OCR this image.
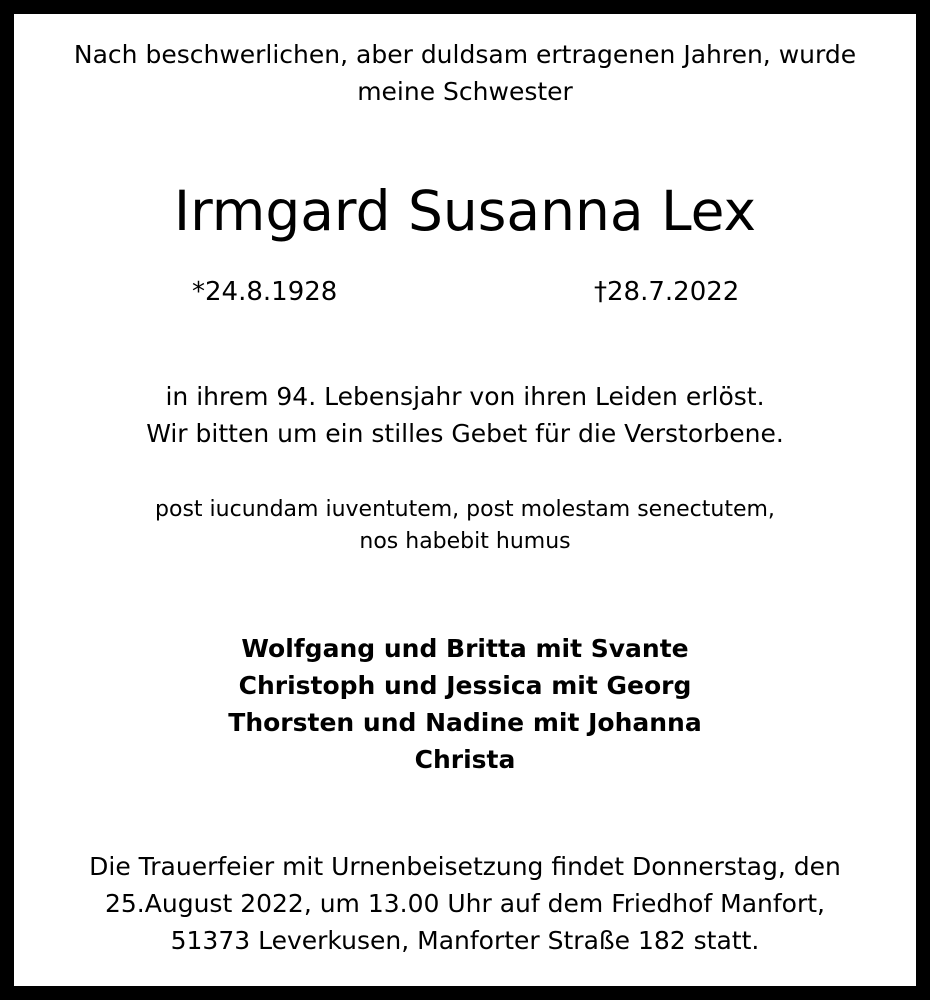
Nach beschwerlichen, aber duldsam ertragenen Jahren, wurde
meine Schwester
Irmgard Susanna Lex
*24.8.1928	†28.7.2022
in ihrem 94. Lebensjahr von ihren Leiden erlöst.
Wir bitten um ein stilles Gebet für die Verstorbene.
post iucundam iuventutem, post molestam senectutem,
nos habebit humus
Wolfgang und Britta mit Svante
Christoph und Jessica mit Georg
Thorsten und Nadine mit Johanna
Christa
Die Trauerfeier mit Urnenbeisetzung findet Donnerstag, den
25.August 2022, um 13.00 Uhr auf dem Friedhof Manfort,
51373 Leverkusen, Manforter Straße 182 statt.
